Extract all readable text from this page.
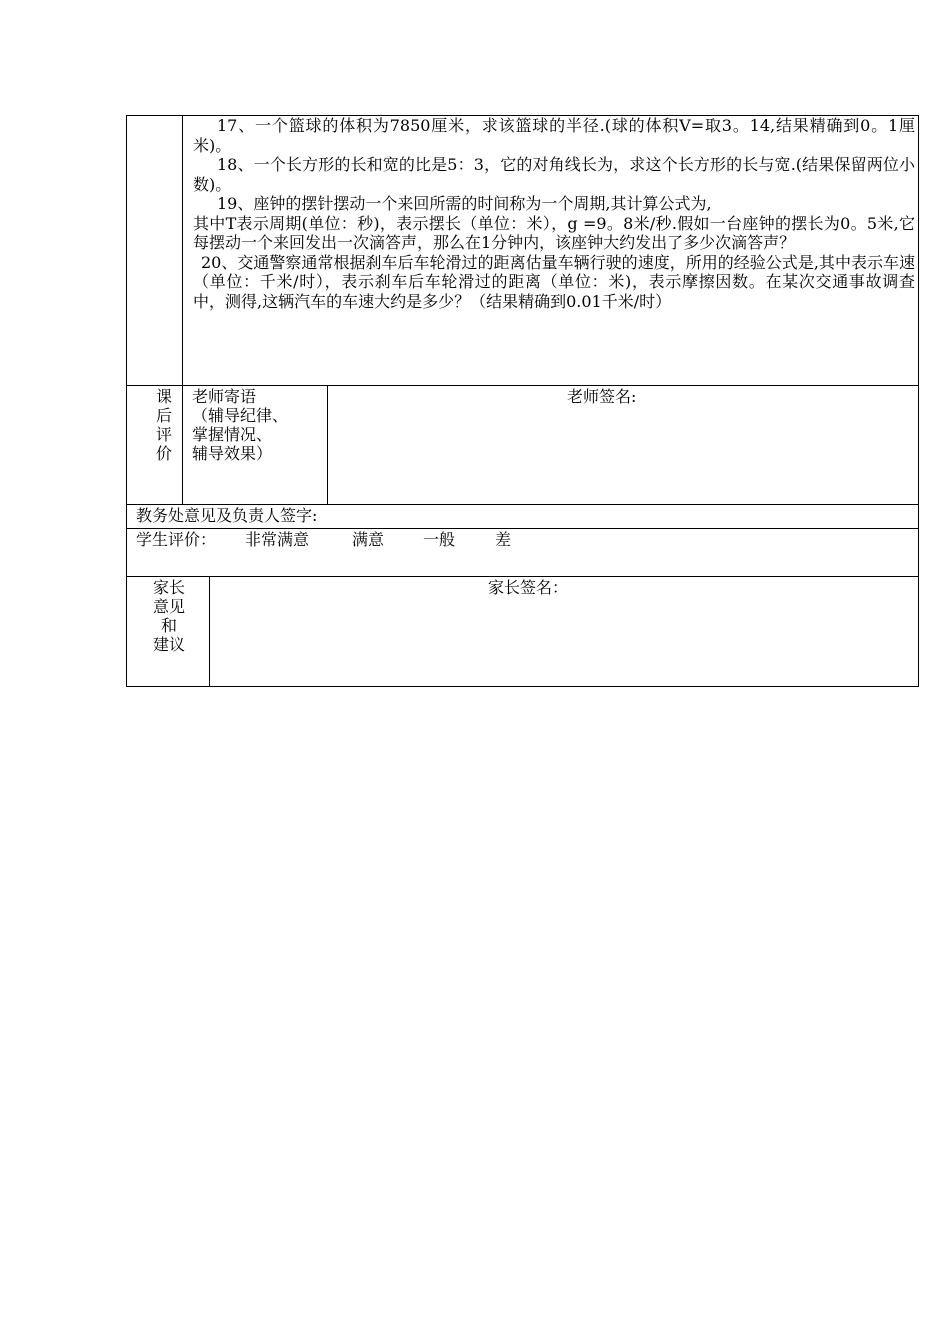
17、一个篮球的体积为7850厘米，求该篮球的半径.(球的体积V=取3。14,结果精确到0。1厘米)。

18、一个长方形的长和宽的比是5：3，它的对角线长为，求这个长方形的长与宽.(结果保留两位小数)。

19、座钟的摆针摆动一个来回所需的时间称为一个周期,其计算公式为,

其中T表示周期(单位：秒)，表示摆长（单位：米），g =9。8米/秒.假如一台座钟的摆长为0。5米,它每摆动一个来回发出一次滴答声，那么在1分钟内，该座钟大约发出了多少次滴答声？

20、交通警察通常根据刹车后车轮滑过的距离估量车辆行驶的速度，所用的经验公式是,其中表示车速（单位：千米/时），表示刹车后车轮滑过的距离（单位：米)，表示摩擦因数。在某次交通事故调查中，测得,这辆汽车的车速大约是多少？（结果精确到0.01千米/时）

课
后
评
价
老师寄语
（辅导纪律、
掌握情况、
辅导效果）
老师签名:
教务处意见及负责人签字:
学生评价： 非常满意	满意 一般 差
家长
意见
和
建议
家长签名：
